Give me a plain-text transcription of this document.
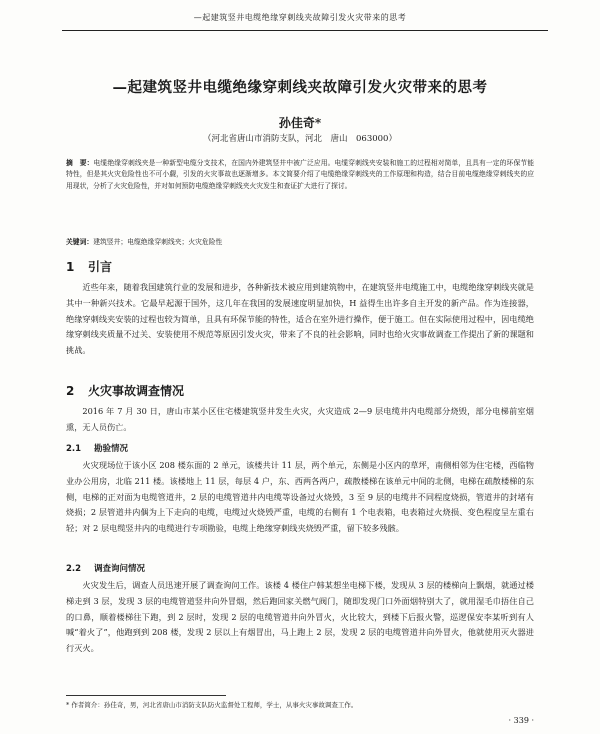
—起建筑竖井电缆绝缘穿刺线夹故障引发火灾带来的思考
—起建筑竖井电缆绝缘穿刺线夹故障引发火灾带来的思考
孙佳奇*
（河北省唐山市消防支队，河北　唐山　063000）
摘　要：电缆绝缘穿刺线夹是一种新型电缆分支技术，在国内外建筑竖井中被广泛应用。电缆穿刺线夹安装和施工的过程相对简单，且具有一定的环保节能特性，但是其火灾危险性也不可小觑，引发的火灾事故也逐渐增多。本文简要介绍了电缆绝缘穿刺线夹的工作原理和构造，结合目前电缆绝缘穿刺线夹的应用现状，分析了火灾危险性，并对如何预防电缆绝缘穿刺线夹火灾发生和查证扩大进行了探讨。
关键词：建筑竖井；电缆绝缘穿刺线夹；火灾危险性
1 引言

近些年来，随着我国建筑行业的发展和进步，各种新技术被应用到建筑物中，在建筑竖井电缆施工中，电缆绝缘穿刺线夹就是其中一种新兴技术。它最早起源于国外，这几年在我国的发展速度明显加快，H 益得生出许多自主开发的新产品。作为连接器，绝缘穿刺线夹安装的过程也较为简单，且具有环保节能的特性，适合在室外进行操作，便于施工。但在实际使用过程中，因电缆绝缘穿刺线夹质量不过关、安装使用不规范等原因引发火灾，带来了不良的社会影响，同时也给火灾事故调查工作提出了新的课题和挑战。

2 火灾事故调查情况

2016 年 7 月 30 日，唐山市某小区住宅楼建筑竖井发生火灾，火灾造成 2—9 层电缆井内电缆部分烧毁，部分电梯前室烟熏，无人员伤亡。

2.1 勘验情况

火灾现场位于该小区 208 楼东面的 2 单元，该楼共计 11 层，两个单元，东侧是小区内的草坪，南侧相邻为住宅楼，西临物业办公用房，北临 211 楼。该楼地上 11 层，每层 4 户，东、西两各两户，疏散楼梯在该单元中间的北侧，电梯在疏散楼梯的东侧，电梯的正对面为电缆管道井，2 层的电缆管道井内电缆等设备过火烧毁，3 至 9 层的电缆井不同程度烧损，管道井的封堵有烧损；2 层管道井内偶为上下走向的电缆，电缆过火烧毁严重，电缆的右侧有 1 个电表箱，电表箱过火烧损、变色程度呈左重右轻；对 2 层电缆竖井内的电缆进行专项勘验，电缆上绝缘穿刺线夹烧毁严重，留下较多残骸。

2.2 调查询问情况

火灾发生后，调查人员迅速开展了调查询问工作。该楼 4 楼住户韩某想坐电梯下楼，发现从 3 层的楼梯向上飘烟，就通过楼梯走到 3 层，发现 3 层的电缆管道竖井向外冒烟，然后跑回家关燃气阀门，随即发现门口外面烟特别大了，就用湿毛巾捂住自己的口鼻，顺着楼梯往下跑，到 2 层时，发现 2 层的电缆管道井向外冒火，火比较大，到楼下后报火警，巡逻保安李某听到有人喊“着火了”，他跑到到 208 楼，发现 2 层以上有烟冒出，马上跑上 2 层，发现 2 层的电缆管道井向外冒火，他就使用灭火器进行灭火。

* 作者简介：孙佳奇，男，河北省唐山市消防支队防火监督处工程师，学士，从事火灾事故调查工作。
· 339 ·
